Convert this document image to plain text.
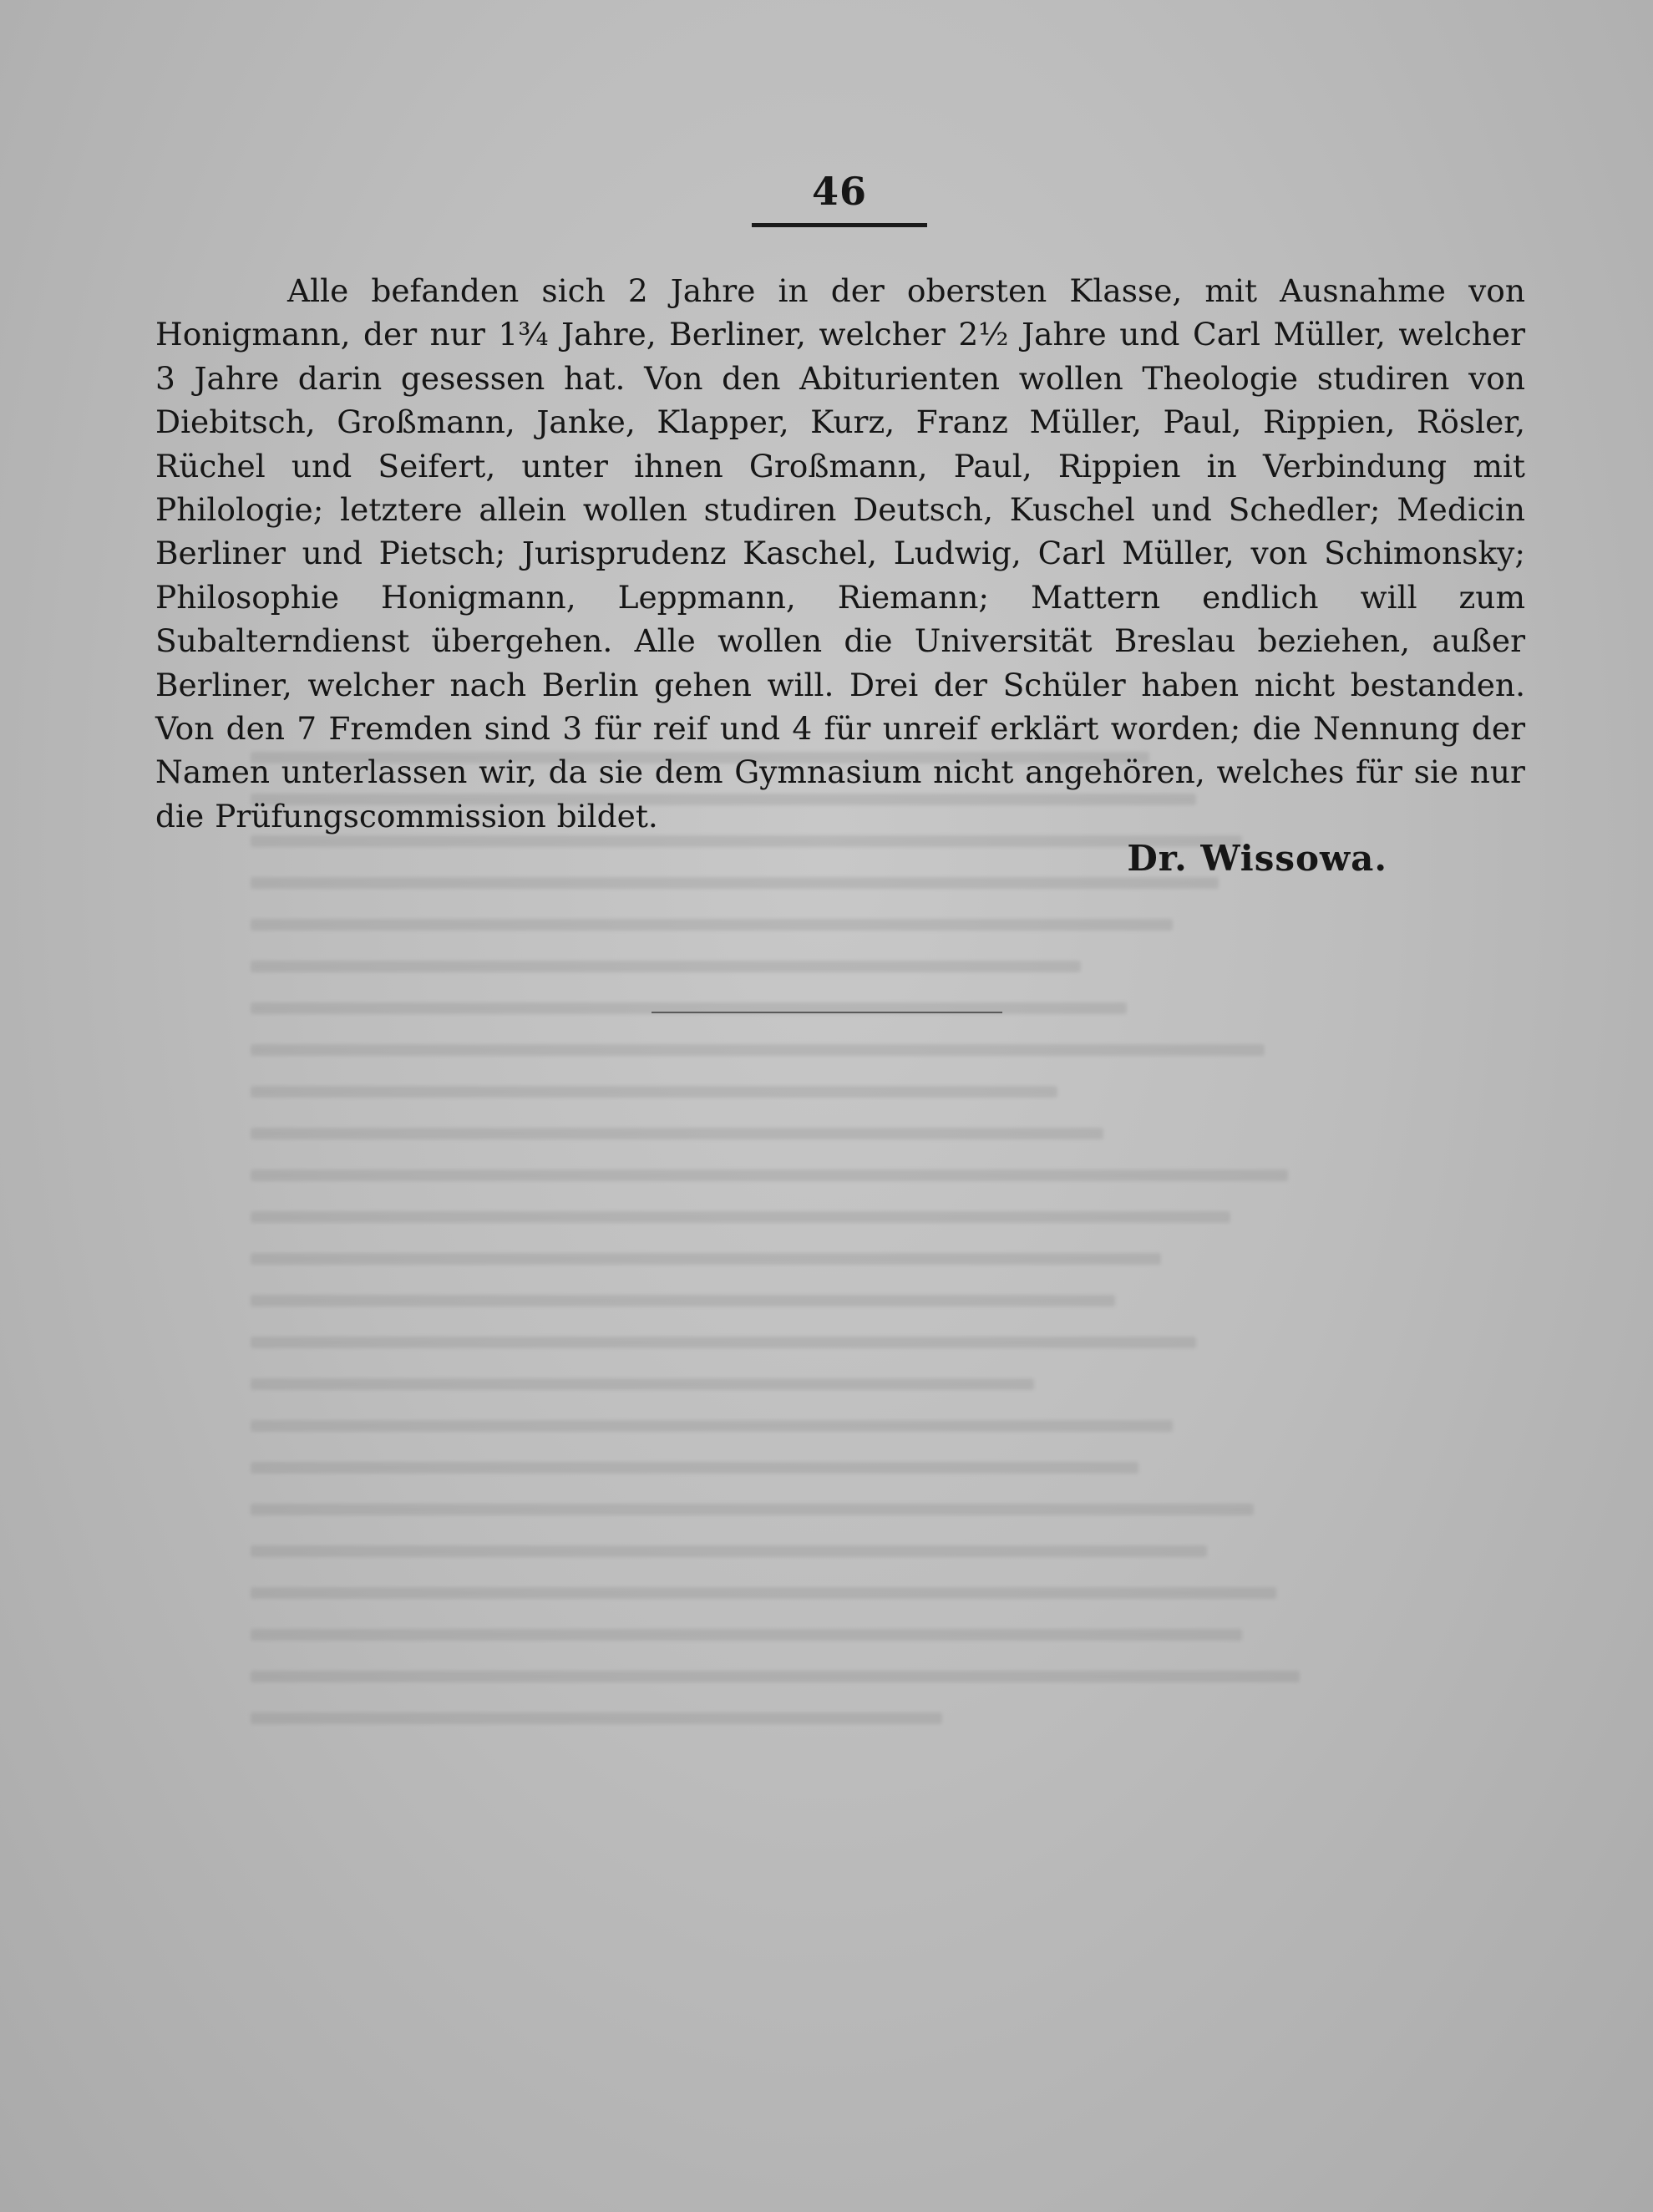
46

Alle befanden sich 2 Jahre in der obersten Klasse, mit Ausnahme von Honigmann, der nur 1¾ Jahre, Berliner, welcher 2½ Jahre und Carl Müller, welcher 3 Jahre darin gesessen hat. Von den Abiturienten wollen Theologie studiren von Diebitsch, Großmann, Janke, Klapper, Kurz, Franz Müller, Paul, Rippien, Rösler, Rüchel und Seifert, unter ihnen Großmann, Paul, Rippien in Verbindung mit Philologie; letztere allein wollen studiren Deutsch, Kuschel und Schedler; Medicin Berliner und Pietsch; Jurisprudenz Kaschel, Ludwig, Carl Müller, von Schimonsky; Philosophie Honigmann, Leppmann, Riemann; Mattern endlich will zum Subalterndienst übergehen. Alle wollen die Universität Breslau beziehen, außer Berliner, welcher nach Berlin gehen will. Drei der Schüler haben nicht bestanden. Von den 7 Fremden sind 3 für reif und 4 für unreif erklärt worden; die Nennung der Namen unterlassen wir, da sie dem Gymnasium nicht angehören, welches für sie nur die Prüfungscommission bildet.

Dr. Wissowa.
